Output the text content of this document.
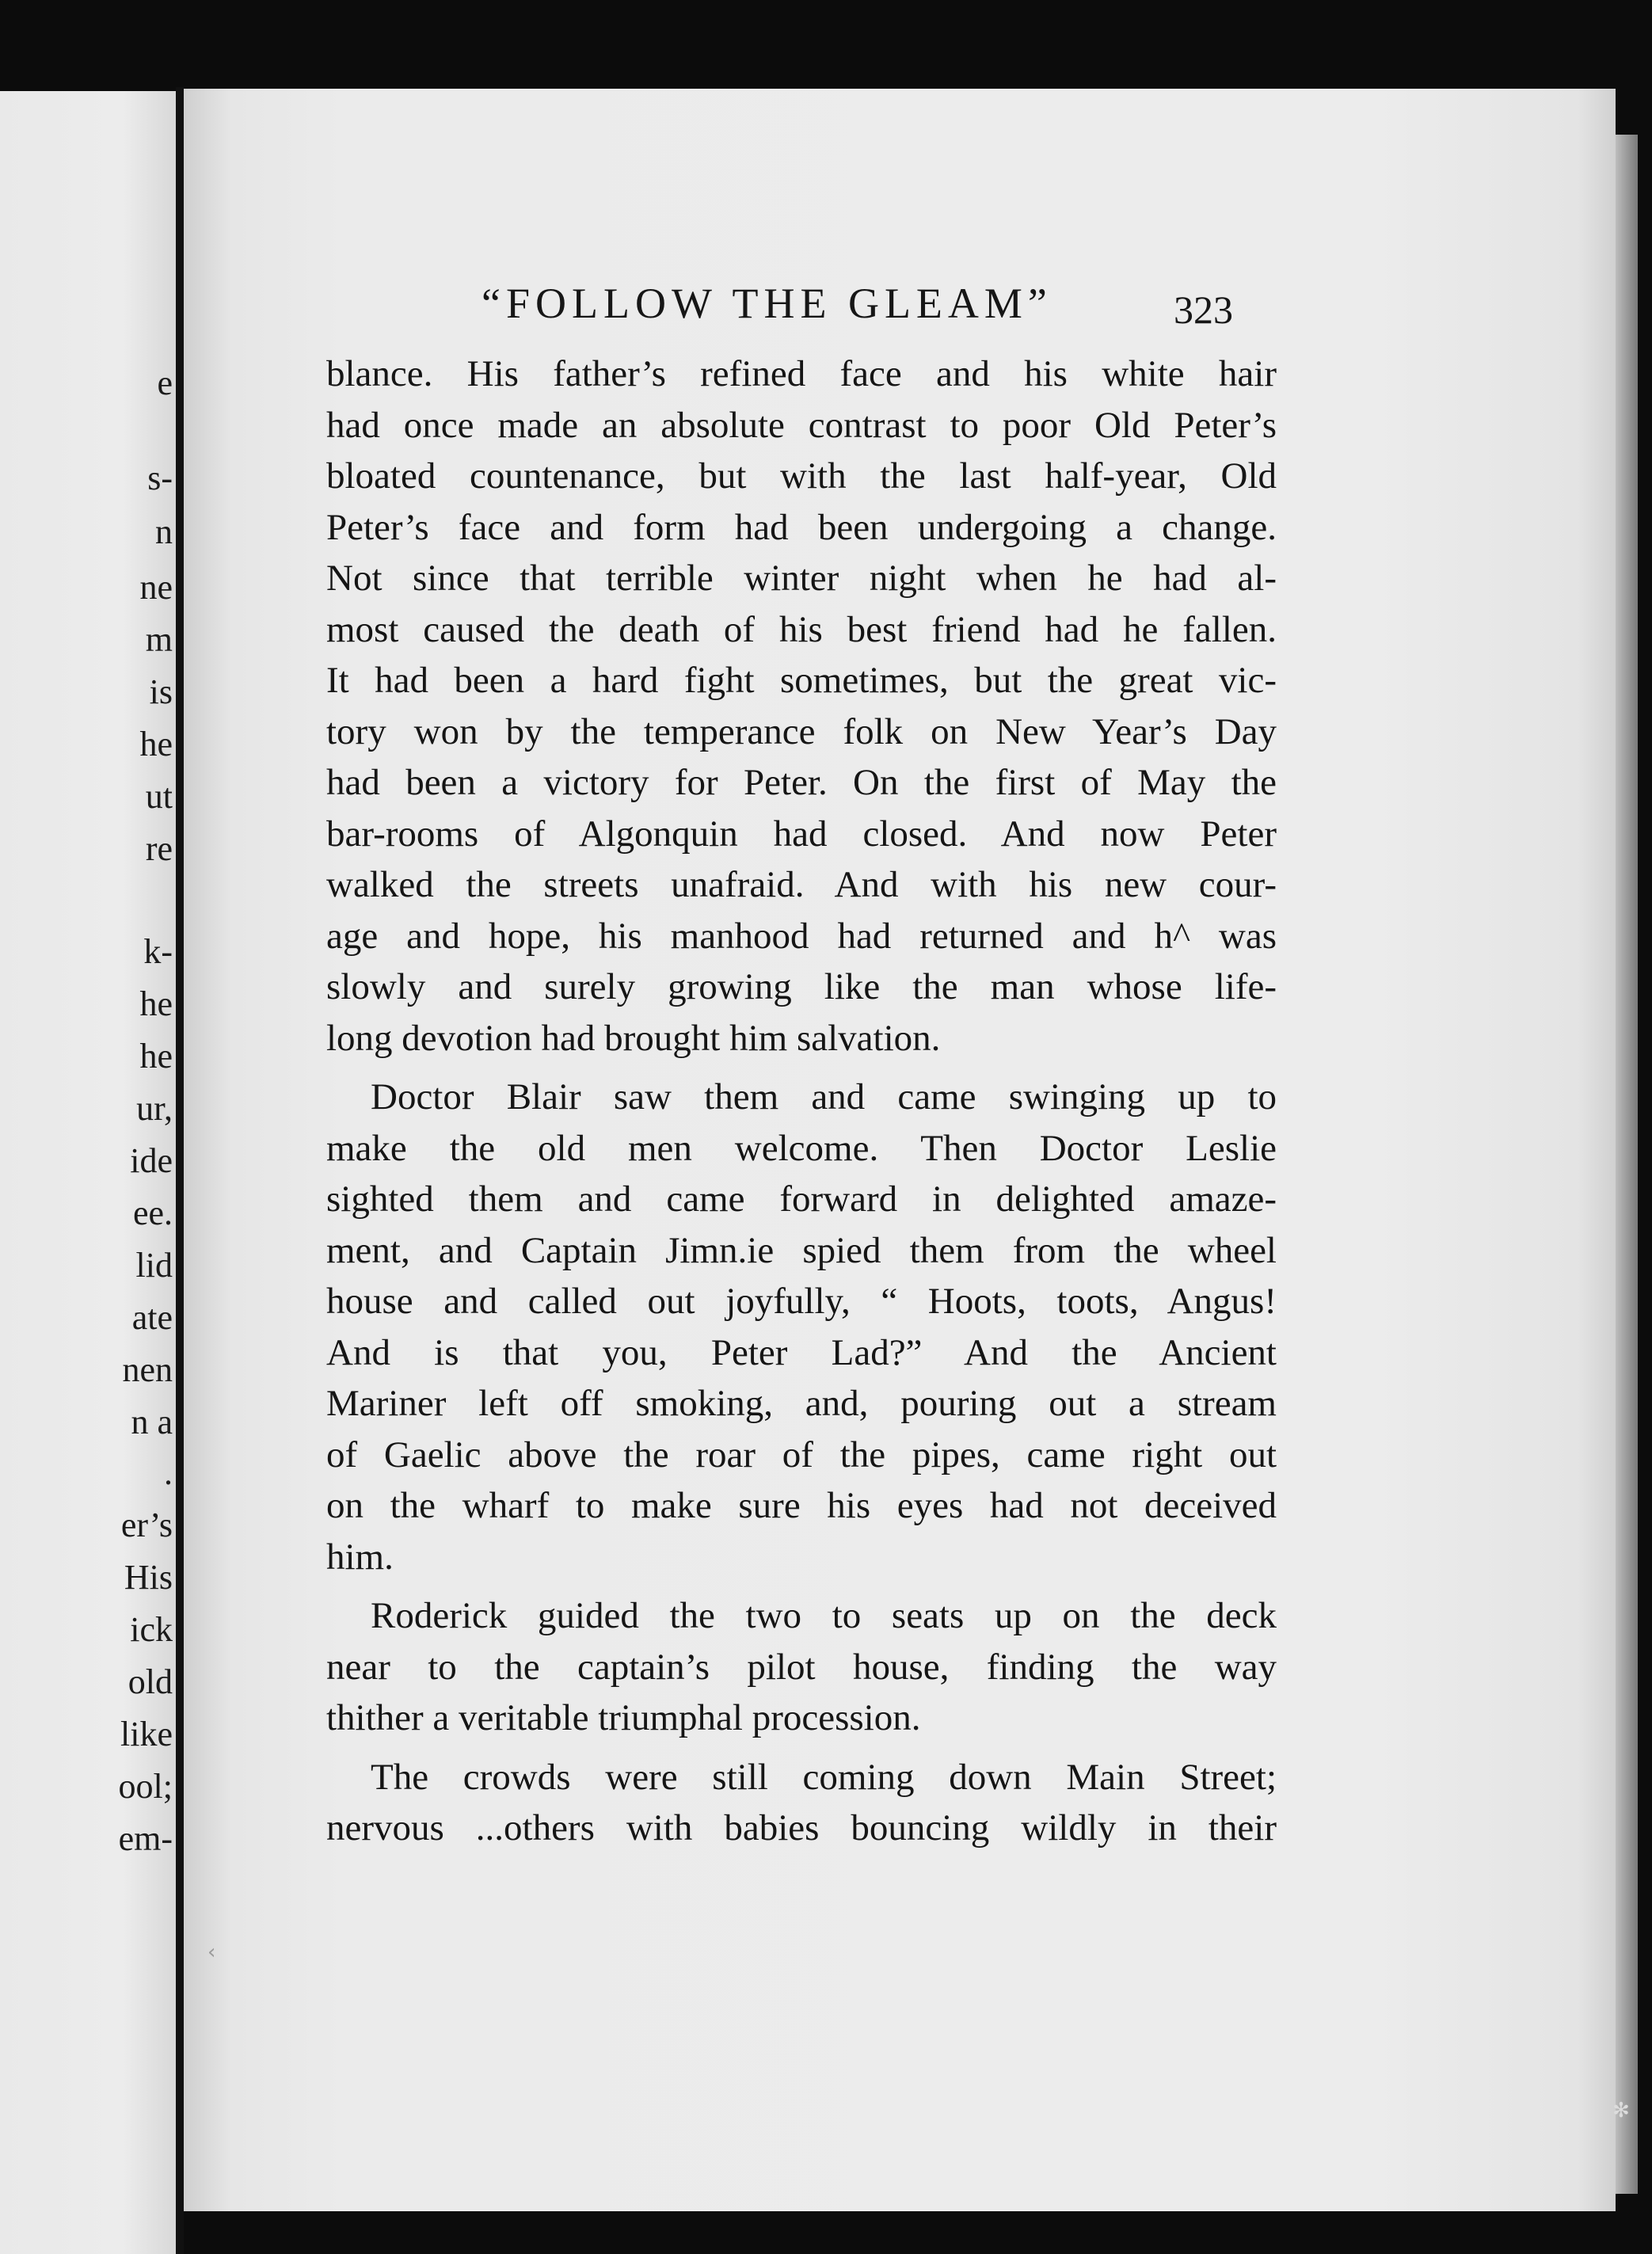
e
s-
n
ne
m
is
he
ut
re
k-
he
he
ur,
ide
ee.
lid
ate
nen
n a
.
er’s
His
ick
old
like
ool;
em-
“FOLLOW THE GLEAM”	323
blance. His father’s refined face and his white hair
had once made an absolute contrast to poor Old Peter’s
bloated countenance, but with the last half-year, Old
Peter’s face and form had been undergoing a change.
Not since that terrible winter night when he had al-
most caused the death of his best friend had he fallen.
It had been a hard fight sometimes, but the great vic-
tory won by the temperance folk on New Year’s Day
had been a victory for Peter. On the first of May the
bar-rooms of Algonquin had closed. And now Peter
walked the streets unafraid. And with his new cour-
age and hope, his manhood had returned and h^ was
slowly and surely growing like the man whose life-
long devotion had brought him salvation.
Doctor Blair saw them and came swinging up to
make the old men welcome. Then Doctor Leslie
sighted them and came forward in delighted amaze-
ment, and Captain Jimn.ie spied them from the wheel
house and called out joyfully, “ Hoots, toots, Angus!
And is that you, Peter Lad?” And the Ancient
Mariner left off smoking, and, pouring out a stream
of Gaelic above the roar of the pipes, came right out
on the wharf to make sure his eyes had not deceived
him.
Roderick guided the two to seats up on the deck
near to the captain’s pilot house, finding the way
thither a veritable triumphal procession.
The crowds were still coming down Main Street;
nervous ...others with babies bouncing wildly in their
✻
‹
